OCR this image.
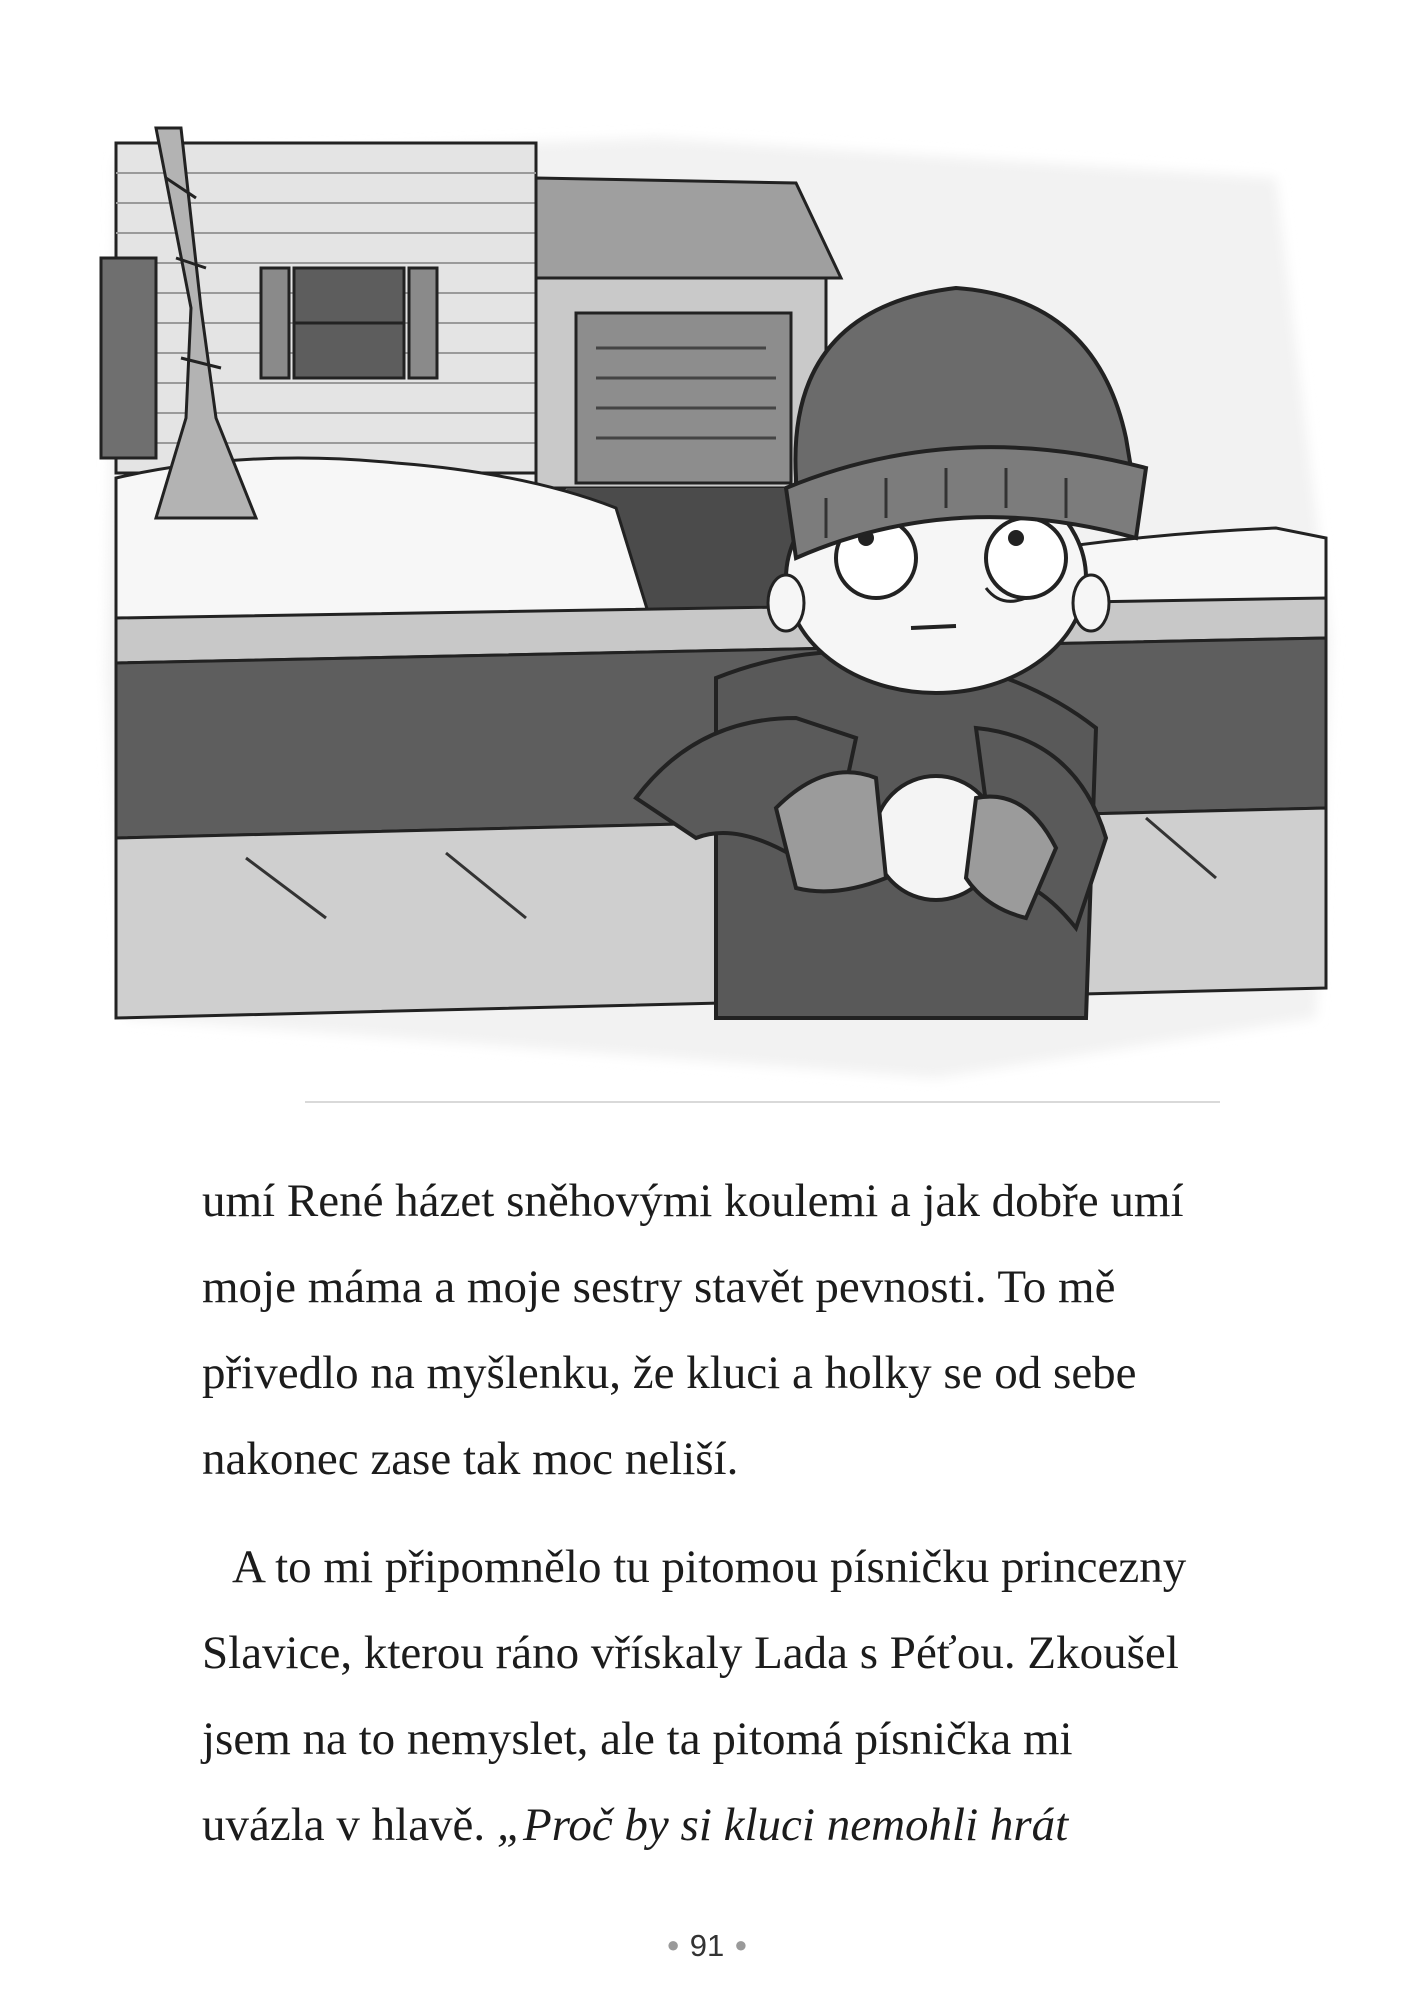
umí René házet sněhovými koulemi a jak dobře umí
moje máma a moje sestry stavět pevnosti. To mě
přivedlo na myšlenku, že kluci a holky se od sebe
nakonec zase tak moc neliší.

A to mi připomnělo tu pitomou písničku princezny
Slavice, kterou ráno vřískaly Lada s Péťou. Zkoušel
jsem na to nemyslet, ale ta pitomá písnička mi
uvázla v hlavě. „Proč by si kluci nemohli hrát

● 91 ●
